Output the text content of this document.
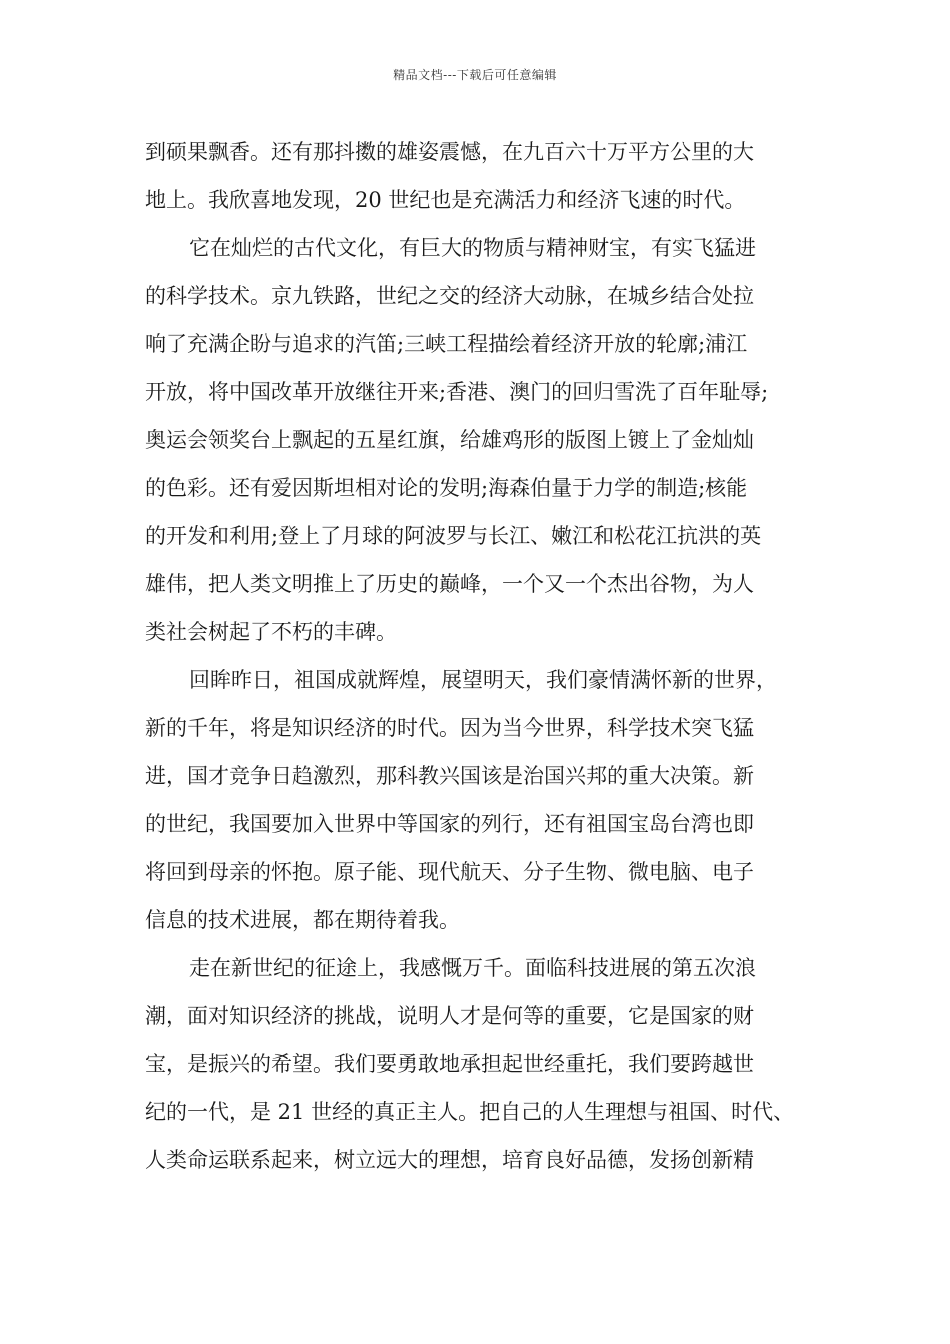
精品文档---下载后可任意编辑
到硕果飘香。还有那抖擞的雄姿震憾，在九百六十万平方公里的大
地上。我欣喜地发现，20 世纪也是充满活力和经济飞速的时代。
它在灿烂的古代文化，有巨大的物质与精神财宝，有实飞猛进
的科学技术。京九铁路，世纪之交的经济大动脉，在城乡结合处拉
响了充满企盼与追求的汽笛;三峡工程描绘着经济开放的轮廓;浦江
开放，将中国改革开放继往开来;香港、澳门的回归雪洗了百年耻辱;
奥运会领奖台上飘起的五星红旗，给雄鸡形的版图上镀上了金灿灿
的色彩。还有爱因斯坦相对论的发明;海森伯量于力学的制造;核能
的开发和利用;登上了月球的阿波罗与长江、嫩江和松花江抗洪的英
雄伟，把人类文明推上了历史的巅峰，一个又一个杰出谷物，为人
类社会树起了不朽的丰碑。
回眸昨日，祖国成就辉煌，展望明天，我们豪情满怀新的世界，
新的千年，将是知识经济的时代。因为当今世界，科学技术突飞猛
进，国才竞争日趋激烈，那科教兴国该是治国兴邦的重大决策。新
的世纪，我国要加入世界中等国家的列行，还有祖国宝岛台湾也即
将回到母亲的怀抱。原子能、现代航天、分子生物、微电脑、电子
信息的技术进展，都在期待着我。
走在新世纪的征途上，我感慨万千。面临科技进展的第五次浪
潮，面对知识经济的挑战，说明人才是何等的重要，它是国家的财
宝，是振兴的希望。我们要勇敢地承担起世经重托，我们要跨越世
纪的一代，是 21 世经的真正主人。把自己的人生理想与祖国、时代、
人类命运联系起来，树立远大的理想，培育良好品德，发扬创新精
